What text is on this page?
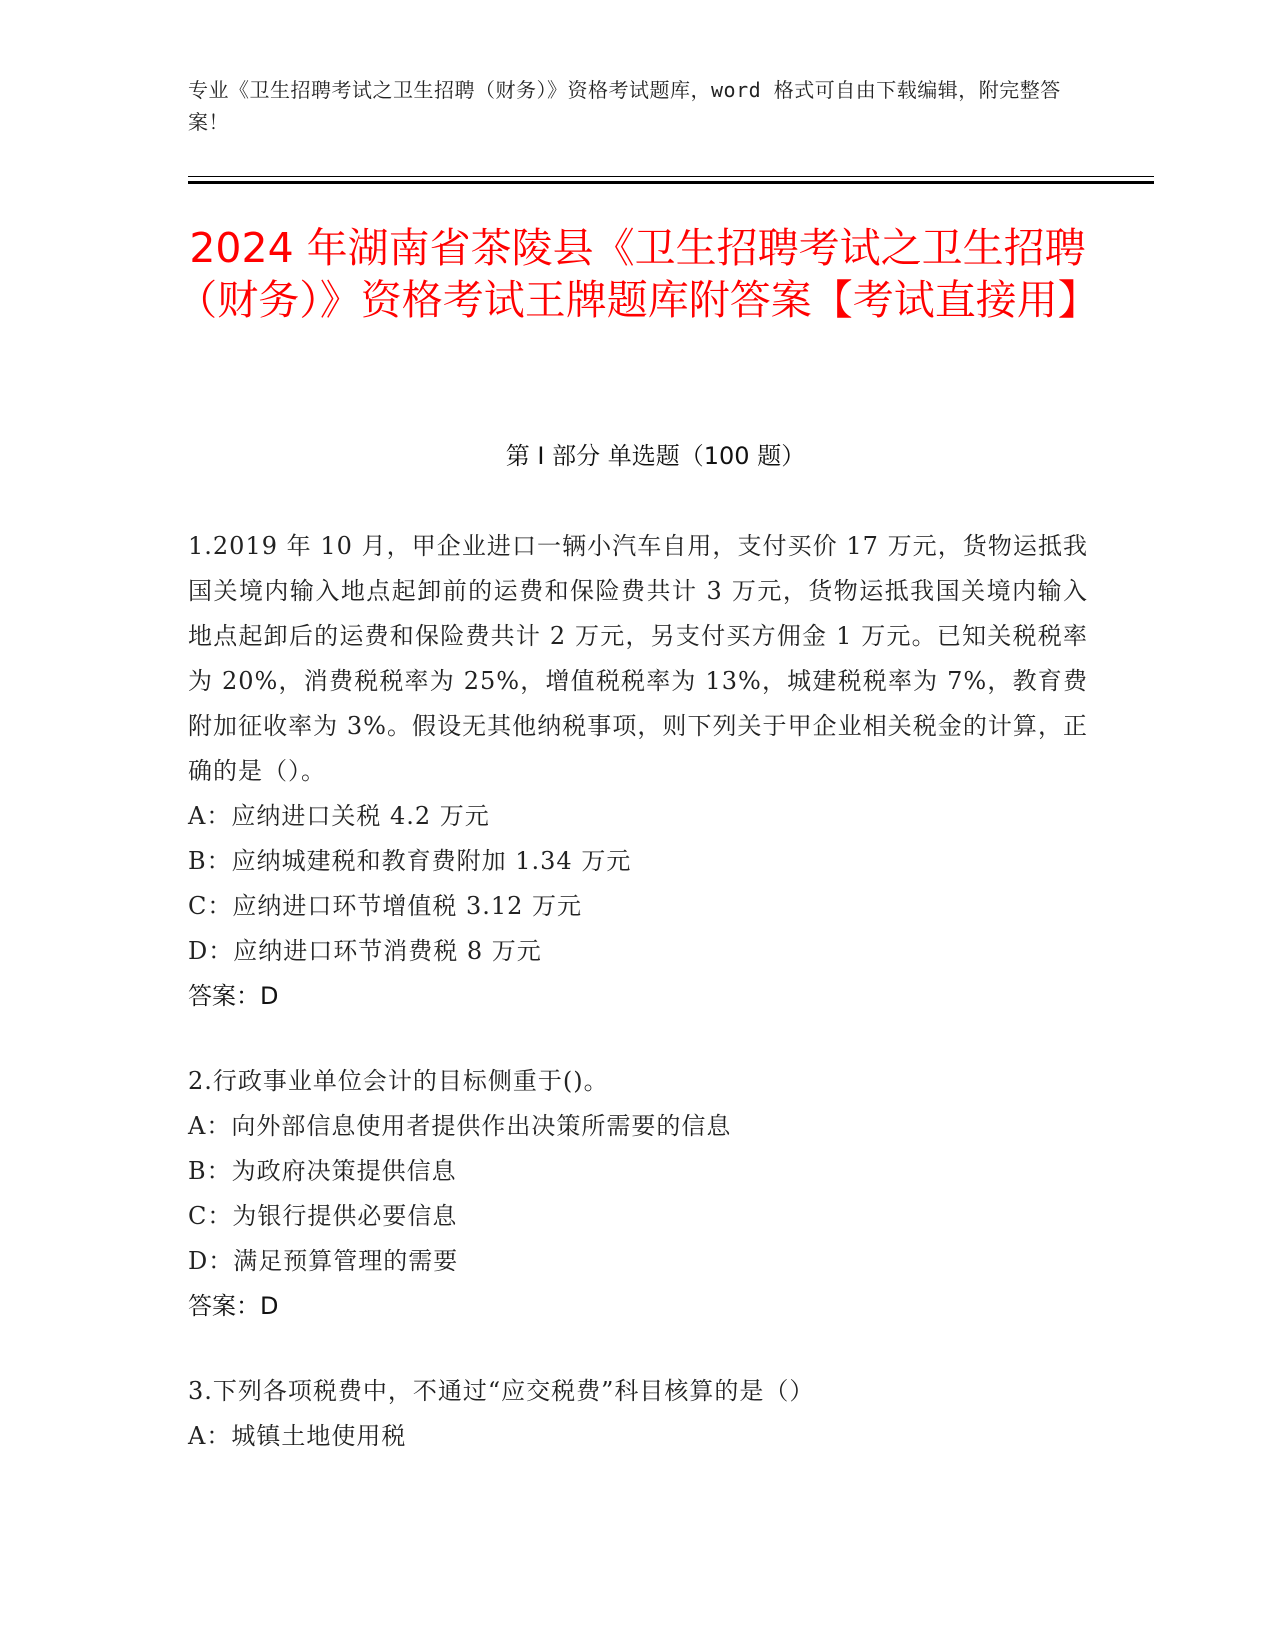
专业《卫生招聘考试之卫生招聘（财务）》资格考试题库，word 格式可自由下载编辑，附完整答案！
2024 年湖南省茶陵县《卫生招聘考试之卫生招聘（财务）》资格考试王牌题库附答案【考试直接用】
第 I 部分 单选题（100 题）
1.2019 年 10 月，甲企业进口一辆小汽车自用，支付买价 17 万元，货物运抵我国关境内输入地点起卸前的运费和保险费共计 3 万元，货物运抵我国关境内输入地点起卸后的运费和保险费共计 2 万元，另支付买方佣金 1 万元。已知关税税率为 20%，消费税税率为 25%，增值税税率为 13%，城建税税率为 7%，教育费附加征收率为 3%。假设无其他纳税事项，则下列关于甲企业相关税金的计算，正确的是（）。
A：应纳进口关税 4.2 万元
B：应纳城建税和教育费附加 1.34 万元
C：应纳进口环节增值税 3.12 万元
D：应纳进口环节消费税 8 万元
答案：D
2.行政事业单位会计的目标侧重于()。
A：向外部信息使用者提供作出决策所需要的信息
B：为政府决策提供信息
C：为银行提供必要信息
D：满足预算管理的需要
答案：D
3.下列各项税费中，不通过“应交税费”科目核算的是（）
A：城镇土地使用税
